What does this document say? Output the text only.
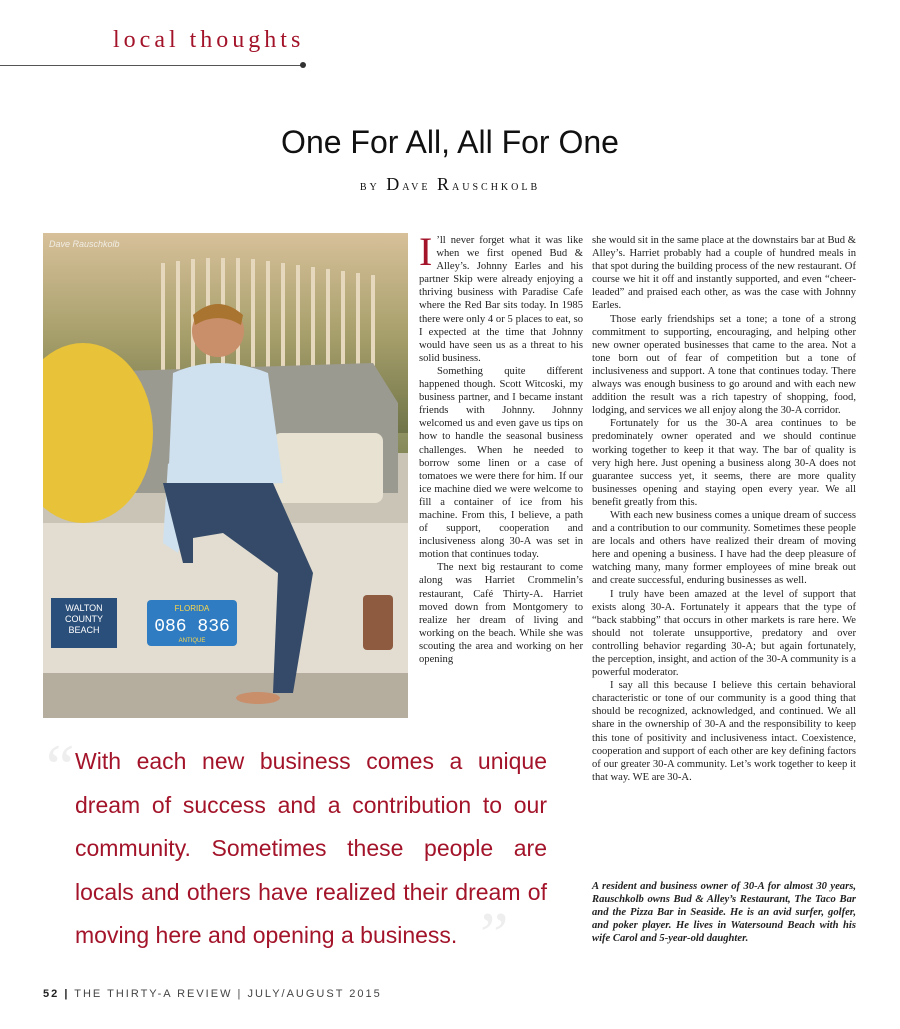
local thoughts
One For All, All For One
by Dave Rauschkolb
WALTON
COUNTY
BEACH
FLORIDA
086 836
ANTIQUE
Dave Rauschkolb	I ’ll never forget what it was like when we first opened Bud & Alley’s. Johnny Earles and his partner Skip were already enjoying a thriving business with Paradise Cafe where the Red Bar sits today. In 1985 there were only 4 or 5 places to eat, so I expected at the time that Johnny would have seen us as a threat to his solid business.

Something quite different happened though. Scott Witcoski, my business partner, and I became instant friends with Johnny. Johnny welcomed us and even gave us tips on how to handle the seasonal business challenges. When he needed to borrow some linen or a case of tomatoes we were there for him. If our ice machine died we were welcome to fill a container of ice from his machine. From this, I believe, a path of support, cooperation and inclusiveness along 30-A was set in motion that continues today.

The next big restaurant to come along was Harriet Crommelin’s restaurant, Café Thirty-A. Harriet moved down from Montgomery to realize her dream of living and working on the beach. While she was scouting the area and working on her opening

she would sit in the same place at the downstairs bar at Bud & Alley’s. Harriet probably had a couple of hundred meals in that spot during the building process of the new restaurant. Of course we hit it off and instantly supported, and even “cheer-leaded” and praised each other, as was the case with Johnny Earles.

Those early friendships set a tone; a tone of a strong commitment to supporting, encouraging, and helping other new owner operated businesses that came to the area. Not a tone born out of fear of competition but a tone of inclusiveness and support. A tone that continues today. There always was enough business to go around and with each new addition the result was a rich tapestry of shopping, food, lodging, and services we all enjoy along the 30-A corridor.

Fortunately for us the 30-A area continues to be predominately owner operated and we should continue working together to keep it that way. The bar of quality is very high here. Just opening a business along 30-A does not guarantee success yet, it seems, there are more quality businesses opening and staying open every year. We all benefit greatly from this.

With each new business comes a unique dream of success and a contribution to our community. Sometimes these people are locals and others have realized their dream of moving here and opening a business. I have had the deep pleasure of watching many, many former employees of mine break out and create successful, enduring businesses as well.

I truly have been amazed at the level of support that exists along 30-A. Fortunately it appears that the type of “back stabbing” that occurs in other markets is rare here. We should not tolerate unsupportive, predatory and over controlling behavior regarding 30-A; but again fortunately, the perception, insight, and action of the 30-A community is a powerful moderator.

I say all this because I believe this certain behavioral characteristic or tone of our community is a good thing that should be recognized, acknowledged, and continued. We all share in the ownership of 30-A and the responsibility to keep this tone of positivity and inclusiveness intact. Coexistence, cooperation and support of each other are key defining factors of our greater 30-A community. Let’s work together to keep it that way. WE are 30-A.

A resident and business owner of 30-A for almost 30 years, Rauschkolb owns Bud & Alley’s Restaurant, The Taco Bar and the Pizza Bar in Seaside. He is an avid surfer, golfer, and poker player. He lives in Watersound Beach with his wife Carol and 5-year-old daughter.
“ With each new business comes a unique dream of success and a contribution to our community. Sometimes these people are locals and others have realized their dream of moving here and opening a business. ”
52 | THE THIRTY-A REVIEW | JULY/AUGUST 2015
